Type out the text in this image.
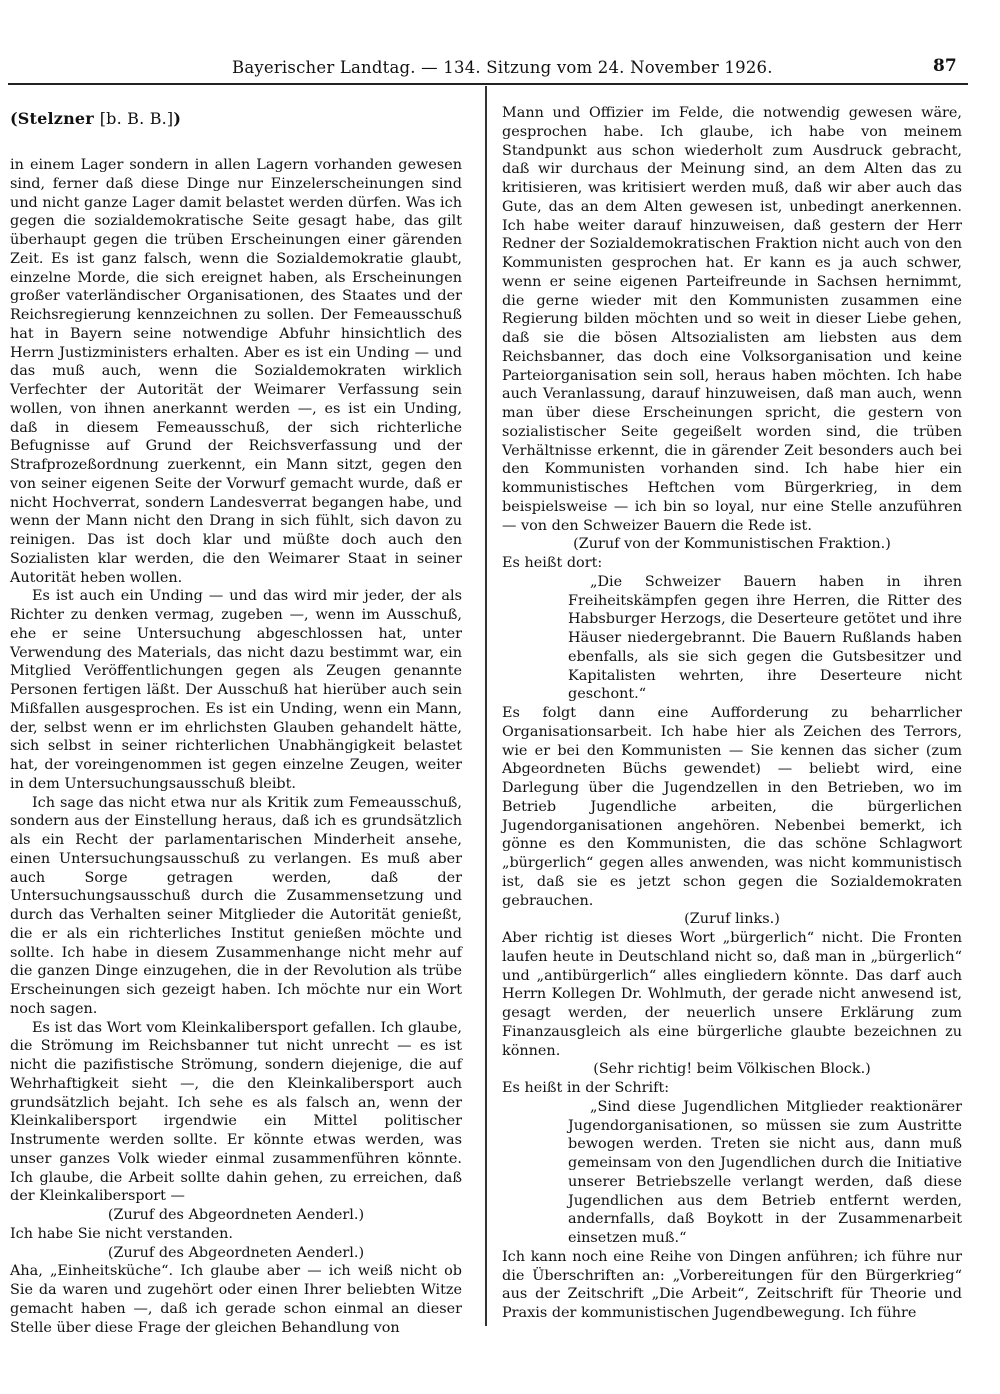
Bayerischer Landtag. — 134. Sitzung vom 24. November 1926.	87
(Stelzner [b. B. B.])

in einem Lager sondern in allen Lagern vorhanden gewesen sind, ferner daß diese Dinge nur Einzelerscheinungen sind und nicht ganze Lager damit belastet werden dürfen. Was ich gegen die sozialdemokratische Seite gesagt habe, das gilt überhaupt gegen die trüben Erscheinungen einer gärenden Zeit. Es ist ganz falsch, wenn die Sozialdemokratie glaubt, einzelne Morde, die sich ereignet haben, als Erscheinungen großer vaterländischer Organisationen, des Staates und der Reichsregierung kennzeichnen zu sollen. Der Femeausschuß hat in Bayern seine notwendige Abfuhr hinsichtlich des Herrn Justizministers erhalten. Aber es ist ein Unding — und das muß auch, wenn die Sozialdemokraten wirklich Verfechter der Autorität der Weimarer Verfassung sein wollen, von ihnen anerkannt werden —, es ist ein Unding, daß in diesem Femeausschuß, der sich richterliche Befugnisse auf Grund der Reichsverfassung und der Strafprozeßordnung zuerkennt, ein Mann sitzt, gegen den von seiner eigenen Seite der Vorwurf gemacht wurde, daß er nicht Hochverrat, sondern Landesverrat begangen habe, und wenn der Mann nicht den Drang in sich fühlt, sich davon zu reinigen. Das ist doch klar und müßte doch auch den Sozialisten klar werden, die den Weimarer Staat in seiner Autorität heben wollen.

Es ist auch ein Unding — und das wird mir jeder, der als Richter zu denken vermag, zugeben —, wenn im Ausschuß, ehe er seine Untersuchung abgeschlossen hat, unter Verwendung des Materials, das nicht dazu bestimmt war, ein Mitglied Veröffentlichungen gegen als Zeugen genannte Personen fertigen läßt. Der Ausschuß hat hierüber auch sein Mißfallen ausgesprochen. Es ist ein Unding, wenn ein Mann, der, selbst wenn er im ehrlichsten Glauben gehandelt hätte, sich selbst in seiner richterlichen Unabhängigkeit belastet hat, der voreingenommen ist gegen einzelne Zeugen, weiter in dem Untersuchungsausschuß bleibt.

Ich sage das nicht etwa nur als Kritik zum Femeausschuß, sondern aus der Einstellung heraus, daß ich es grundsätzlich als ein Recht der parlamentarischen Minderheit ansehe, einen Untersuchungsausschuß zu verlangen. Es muß aber auch Sorge getragen werden, daß der Untersuchungsausschuß durch die Zusammensetzung und durch das Verhalten seiner Mitglieder die Autorität genießt, die er als ein richterliches Institut genießen möchte und sollte. Ich habe in diesem Zusammenhange nicht mehr auf die ganzen Dinge einzugehen, die in der Revolution als trübe Erscheinungen sich gezeigt haben. Ich möchte nur ein Wort noch sagen.

Es ist das Wort vom Kleinkalibersport gefallen. Ich glaube, die Strömung im Reichsbanner tut nicht unrecht — es ist nicht die pazifistische Strömung, sondern diejenige, die auf Wehrhaftigkeit sieht —, die den Kleinkalibersport auch grundsätzlich bejaht. Ich sehe es als falsch an, wenn der Kleinkalibersport irgendwie ein Mittel politischer Instrumente werden sollte. Er könnte etwas werden, was unser ganzes Volk wieder einmal zusammenführen könnte. Ich glaube, die Arbeit sollte dahin gehen, zu erreichen, daß der Kleinkalibersport —

(Zuruf des Abgeordneten Aenderl.)

Ich habe Sie nicht verstanden.

(Zuruf des Abgeordneten Aenderl.)

Aha, „Einheitsküche“. Ich glaube aber — ich weiß nicht ob Sie da waren und zugehört oder einen Ihrer beliebten Witze gemacht haben —, daß ich gerade schon einmal an dieser Stelle über diese Frage der gleichen Behandlung von

Mann und Offizier im Felde, die notwendig gewesen wäre, gesprochen habe. Ich glaube, ich habe von meinem Standpunkt aus schon wiederholt zum Ausdruck gebracht, daß wir durchaus der Meinung sind, an dem Alten das zu kritisieren, was kritisiert werden muß, daß wir aber auch das Gute, das an dem Alten gewesen ist, unbedingt anerkennen. Ich habe weiter darauf hinzuweisen, daß gestern der Herr Redner der Sozialdemokratischen Fraktion nicht auch von den Kommunisten gesprochen hat. Er kann es ja auch schwer, wenn er seine eigenen Parteifreunde in Sachsen hernimmt, die gerne wieder mit den Kommunisten zusammen eine Regierung bilden möchten und so weit in dieser Liebe gehen, daß sie die bösen Altsozialisten am liebsten aus dem Reichsbanner, das doch eine Volksorganisation und keine Parteiorganisation sein soll, heraus haben möchten. Ich habe auch Veranlassung, darauf hinzuweisen, daß man auch, wenn man über diese Erscheinungen spricht, die gestern von sozialistischer Seite gegeißelt worden sind, die trüben Verhältnisse erkennt, die in gärender Zeit besonders auch bei den Kommunisten vorhanden sind. Ich habe hier ein kommunistisches Heftchen vom Bürgerkrieg, in dem beispielsweise — ich bin so loyal, nur eine Stelle anzuführen — von den Schweizer Bauern die Rede ist.

(Zuruf von der Kommunistischen Fraktion.)

Es heißt dort:

„Die Schweizer Bauern haben in ihren Freiheitskämpfen gegen ihre Herren, die Ritter des Habsburger Herzogs, die Deserteure getötet und ihre Häuser niedergebrannt. Die Bauern Rußlands haben ebenfalls, als sie sich gegen die Gutsbesitzer und Kapitalisten wehrten, ihre Deserteure nicht geschont.“

Es folgt dann eine Aufforderung zu beharrlicher Organisationsarbeit. Ich habe hier als Zeichen des Terrors, wie er bei den Kommunisten — Sie kennen das sicher (zum Abgeordneten Büchs gewendet) — beliebt wird, eine Darlegung über die Jugendzellen in den Betrieben, wo im Betrieb Jugendliche arbeiten, die bürgerlichen Jugendorganisationen angehören. Nebenbei bemerkt, ich gönne es den Kommunisten, die das schöne Schlagwort „bürgerlich“ gegen alles anwenden, was nicht kommunistisch ist, daß sie es jetzt schon gegen die Sozialdemokraten gebrauchen.

(Zuruf links.)

Aber richtig ist dieses Wort „bürgerlich“ nicht. Die Fronten laufen heute in Deutschland nicht so, daß man in „bürgerlich“ und „antibürgerlich“ alles eingliedern könnte. Das darf auch Herrn Kollegen Dr. Wohlmuth, der gerade nicht anwesend ist, gesagt werden, der neuerlich unsere Erklärung zum Finanzausgleich als eine bürgerliche glaubte bezeichnen zu können.

(Sehr richtig! beim Völkischen Block.)

Es heißt in der Schrift:

„Sind diese Jugendlichen Mitglieder reaktionärer Jugendorganisationen, so müssen sie zum Austritte bewogen werden. Treten sie nicht aus, dann muß gemeinsam von den Jugendlichen durch die Initiative unserer Betriebszelle verlangt werden, daß diese Jugendlichen aus dem Betrieb entfernt werden, andernfalls, daß Boykott in der Zusammenarbeit einsetzen muß.“

Ich kann noch eine Reihe von Dingen anführen; ich führe nur die Überschriften an: „Vorbereitungen für den Bürgerkrieg“ aus der Zeitschrift „Die Arbeit“, Zeitschrift für Theorie und Praxis der kommunistischen Jugendbewegung. Ich führe
